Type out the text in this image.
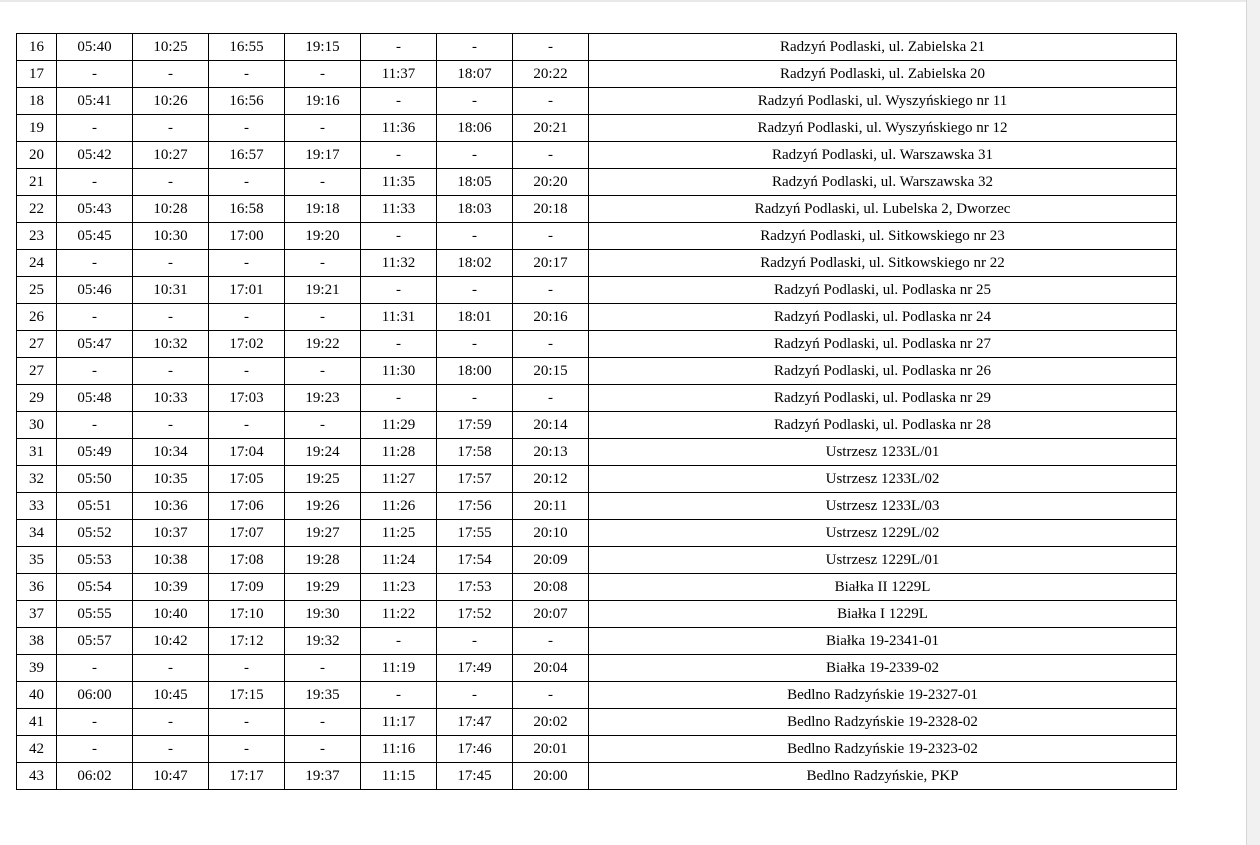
16	05:40	10:25	16:55	19:15	-	-	-	Radzyń Podlaski, ul. Zabielska 21
17	-	-	-	-	11:37	18:07	20:22	Radzyń Podlaski, ul. Zabielska 20
18	05:41	10:26	16:56	19:16	-	-	-	Radzyń Podlaski, ul. Wyszyńskiego nr 11
19	-	-	-	-	11:36	18:06	20:21	Radzyń Podlaski, ul. Wyszyńskiego nr 12
20	05:42	10:27	16:57	19:17	-	-	-	Radzyń Podlaski, ul. Warszawska 31
21	-	-	-	-	11:35	18:05	20:20	Radzyń Podlaski, ul. Warszawska 32
22	05:43	10:28	16:58	19:18	11:33	18:03	20:18	Radzyń Podlaski, ul. Lubelska 2, Dworzec
23	05:45	10:30	17:00	19:20	-	-	-	Radzyń Podlaski, ul. Sitkowskiego nr 23
24	-	-	-	-	11:32	18:02	20:17	Radzyń Podlaski, ul. Sitkowskiego nr 22
25	05:46	10:31	17:01	19:21	-	-	-	Radzyń Podlaski, ul. Podlaska nr 25
26	-	-	-	-	11:31	18:01	20:16	Radzyń Podlaski, ul. Podlaska nr 24
27	05:47	10:32	17:02	19:22	-	-	-	Radzyń Podlaski, ul. Podlaska nr 27
27	-	-	-	-	11:30	18:00	20:15	Radzyń Podlaski, ul. Podlaska nr 26
29	05:48	10:33	17:03	19:23	-	-	-	Radzyń Podlaski, ul. Podlaska nr 29
30	-	-	-	-	11:29	17:59	20:14	Radzyń Podlaski, ul. Podlaska nr 28
31	05:49	10:34	17:04	19:24	11:28	17:58	20:13	Ustrzesz 1233L/01
32	05:50	10:35	17:05	19:25	11:27	17:57	20:12	Ustrzesz 1233L/02
33	05:51	10:36	17:06	19:26	11:26	17:56	20:11	Ustrzesz 1233L/03
34	05:52	10:37	17:07	19:27	11:25	17:55	20:10	Ustrzesz 1229L/02
35	05:53	10:38	17:08	19:28	11:24	17:54	20:09	Ustrzesz 1229L/01
36	05:54	10:39	17:09	19:29	11:23	17:53	20:08	Białka II 1229L
37	05:55	10:40	17:10	19:30	11:22	17:52	20:07	Białka I 1229L
38	05:57	10:42	17:12	19:32	-	-	-	Białka 19-2341-01
39	-	-	-	-	11:19	17:49	20:04	Białka 19-2339-02
40	06:00	10:45	17:15	19:35	-	-	-	Bedlno Radzyńskie 19-2327-01
41	-	-	-	-	11:17	17:47	20:02	Bedlno Radzyńskie 19-2328-02
42	-	-	-	-	11:16	17:46	20:01	Bedlno Radzyńskie 19-2323-02
43	06:02	10:47	17:17	19:37	11:15	17:45	20:00	Bedlno Radzyńskie, PKP
